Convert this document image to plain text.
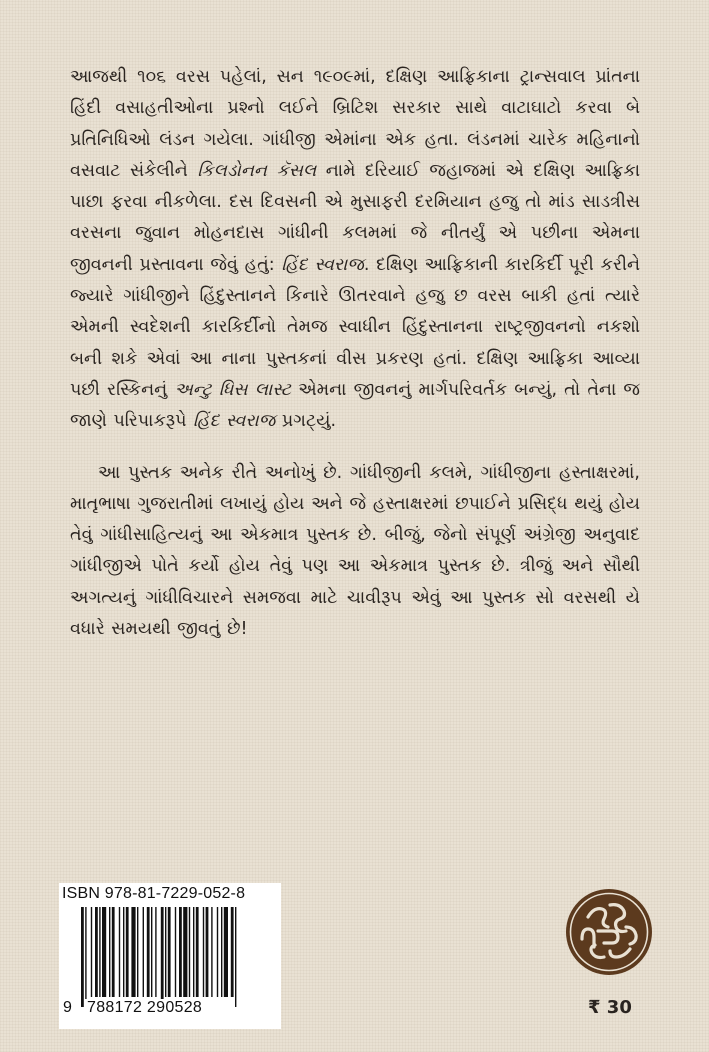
આજથી ૧૦૬ વરસ પહેલાં, સન ૧૯૦૯માં, દક્ષિણ આફ્રિકાના ટ્રાન્સવાલ પ્રાંતના હિંદી વસાહતીઓના પ્રશ્નો લઈને બ્રિટિશ સરકાર સાથે વાટાઘાટો કરવા બે પ્રતિનિધિઓ લંડન ગયેલા. ગાંધીજી એમાંના એક હતા. લંડનમાં ચારેક મહિનાનો વસવાટ સંકેલીને કિલડોનન કૅસલ નામે દરિયાઈ જહાજમાં એ દક્ષિણ આફ્રિકા પાછા ફરવા નીકળેલા. દસ દિવસની એ મુસાફરી દરમિયાન હજુ તો માંડ સાડત્રીસ વરસના જુવાન મોહનદાસ ગાંધીની કલમમાં જે નીતર્યું એ પછીના એમના જીવનની પ્રસ્તાવના જેવું હતું: હિંદ સ્વરાજ. દક્ષિણ આફ્રિકાની કારકિર્દી પૂરી કરીને જ્યારે ગાંધીજીને હિંદુસ્તાનને કિનારે ઊતરવાને હજુ છ વરસ બાકી હતાં ત્યારે એમની સ્વદેશની કારકિર્દીનો તેમજ સ્વાધીન હિંદુસ્તાનના રાષ્ટ્રજીવનનો નકશો બની શકે એવાં આ નાના પુસ્તકનાં વીસ પ્રકરણ હતાં. દક્ષિણ આફ્રિકા આવ્યા પછી રસ્કિનનું અન્ટુ ધિસ લાસ્ટ એમના જીવનનું માર્ગપરિવર્તક બન્યું, તો તેના જ જાણે પરિપાકરૂપે હિંદ સ્વરાજ પ્રગટ્યું.

આ પુસ્તક અનેક રીતે અનોખું છે. ગાંધીજીની કલમે, ગાંધીજીના હસ્તાક્ષરમાં, માતૃભાષા ગુજરાતીમાં લખાયું હોય અને જે હસ્તાક્ષરમાં છપાઈને પ્રસિદ્ધ થયું હોય તેવું ગાંધીસાહિત્યનું આ એકમાત્ર પુસ્તક છે. બીજું, જેનો સંપૂર્ણ અંગ્રેજી અનુવાદ ગાંધીજીએ પોતે કર્યો હોય તેવું પણ આ એકમાત્ર પુસ્તક છે. ત્રીજું અને સૌથી અગત્યનું ગાંધીવિચારને સમજવા માટે ચાવીરૂપ એવું આ પુસ્તક સો વરસથી યે વધારે સમયથી જીવતું છે!

ISBN 978-81-7229-052-8
9 788172 290528	₹ 30
